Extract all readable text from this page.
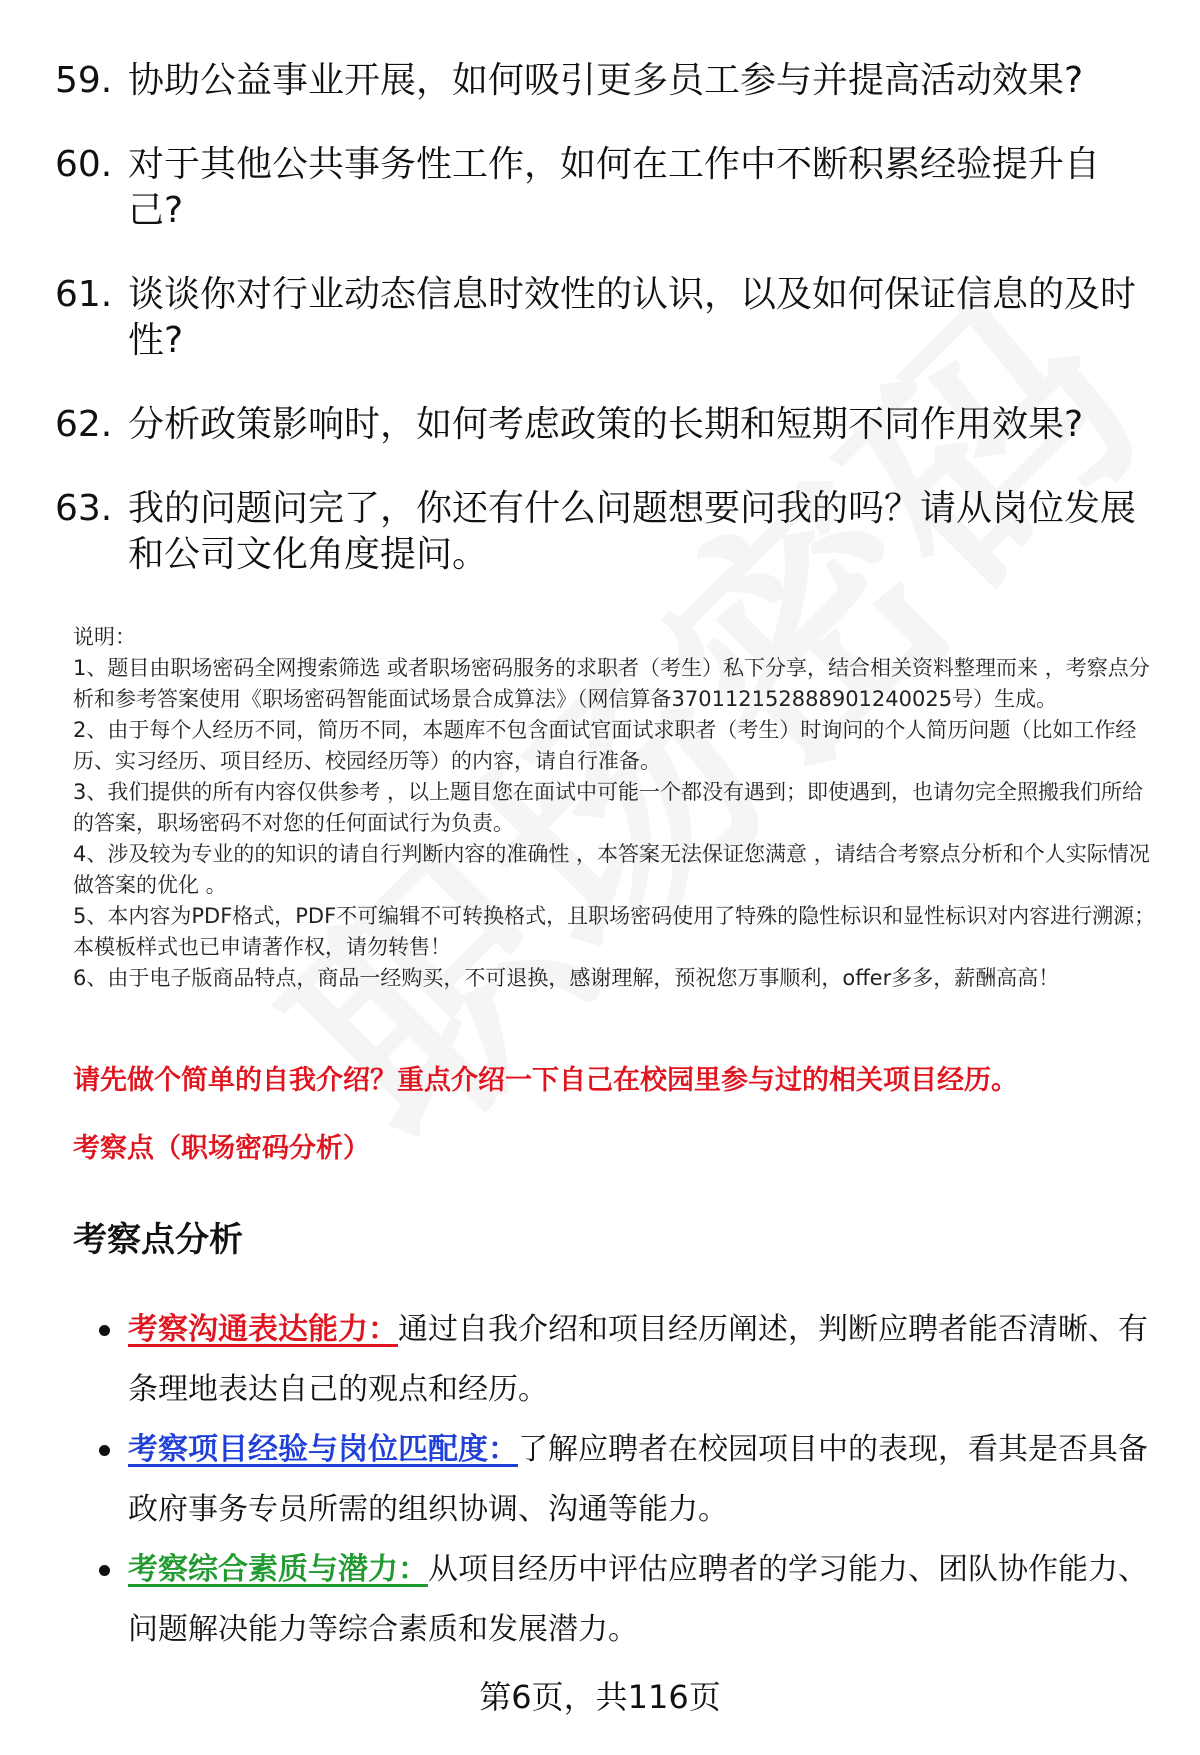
59. 协助公益事业开展，如何吸引更多员工参与并提高活动效果?
60. 对于其他公共事务性工作，如何在工作中不断积累经验提升自己?
61. 谈谈你对行业动态信息时效性的认识，以及如何保证信息的及时性?
62. 分析政策影响时，如何考虑政策的长期和短期不同作用效果?
63. 我的问题问完了，你还有什么问题想要问我的吗？请从岗位发展和公司文化角度提问。

说明：

1、题目由职场密码全网搜索筛选 或者职场密码服务的求职者（考生）私下分享，结合相关资料整理而来 ，考察点分析和参考答案使用《职场密码智能面试场景合成算法》（网信算备370112152888901240025号）生成。

2、由于每个人经历不同，简历不同，本题库不包含面试官面试求职者（考生）时询问的个人简历问题（比如工作经历、实习经历、项目经历、校园经历等）的内容，请自行准备。

3、我们提供的所有内容仅供参考 ，以上题目您在面试中可能一个都没有遇到；即使遇到，也请勿完全照搬我们所给的答案，职场密码不对您的任何面试行为负责。

4、涉及较为专业的的知识的请自行判断内容的准确性 ，本答案无法保证您满意 ，请结合考察点分析和个人实际情况做答案的优化 。

5、本内容为PDF格式，PDF不可编辑不可转换格式，且职场密码使用了特殊的隐性标识和显性标识对内容进行溯源；本模板样式也已申请著作权，请勿转售！

6、由于电子版商品特点，商品一经购买，不可退换，感谢理解，预祝您万事顺利，offer多多，薪酬高高！

请先做个简单的自我介绍？重点介绍一下自己在校园里参与过的相关项目经历。
考察点（职场密码分析）
考察点分析
考察沟通表达能力：通过自我介绍和项目经历阐述，判断应聘者能否清晰、有条理地表达自己的观点和经历。
考察项目经验与岗位匹配度：了解应聘者在校园项目中的表现，看其是否具备政府事务专员所需的组织协调、沟通等能力。
考察综合素质与潜力：从项目经历中评估应聘者的学习能力、团队协作能力、问题解决能力等综合素质和发展潜力。
第6页，共116页
